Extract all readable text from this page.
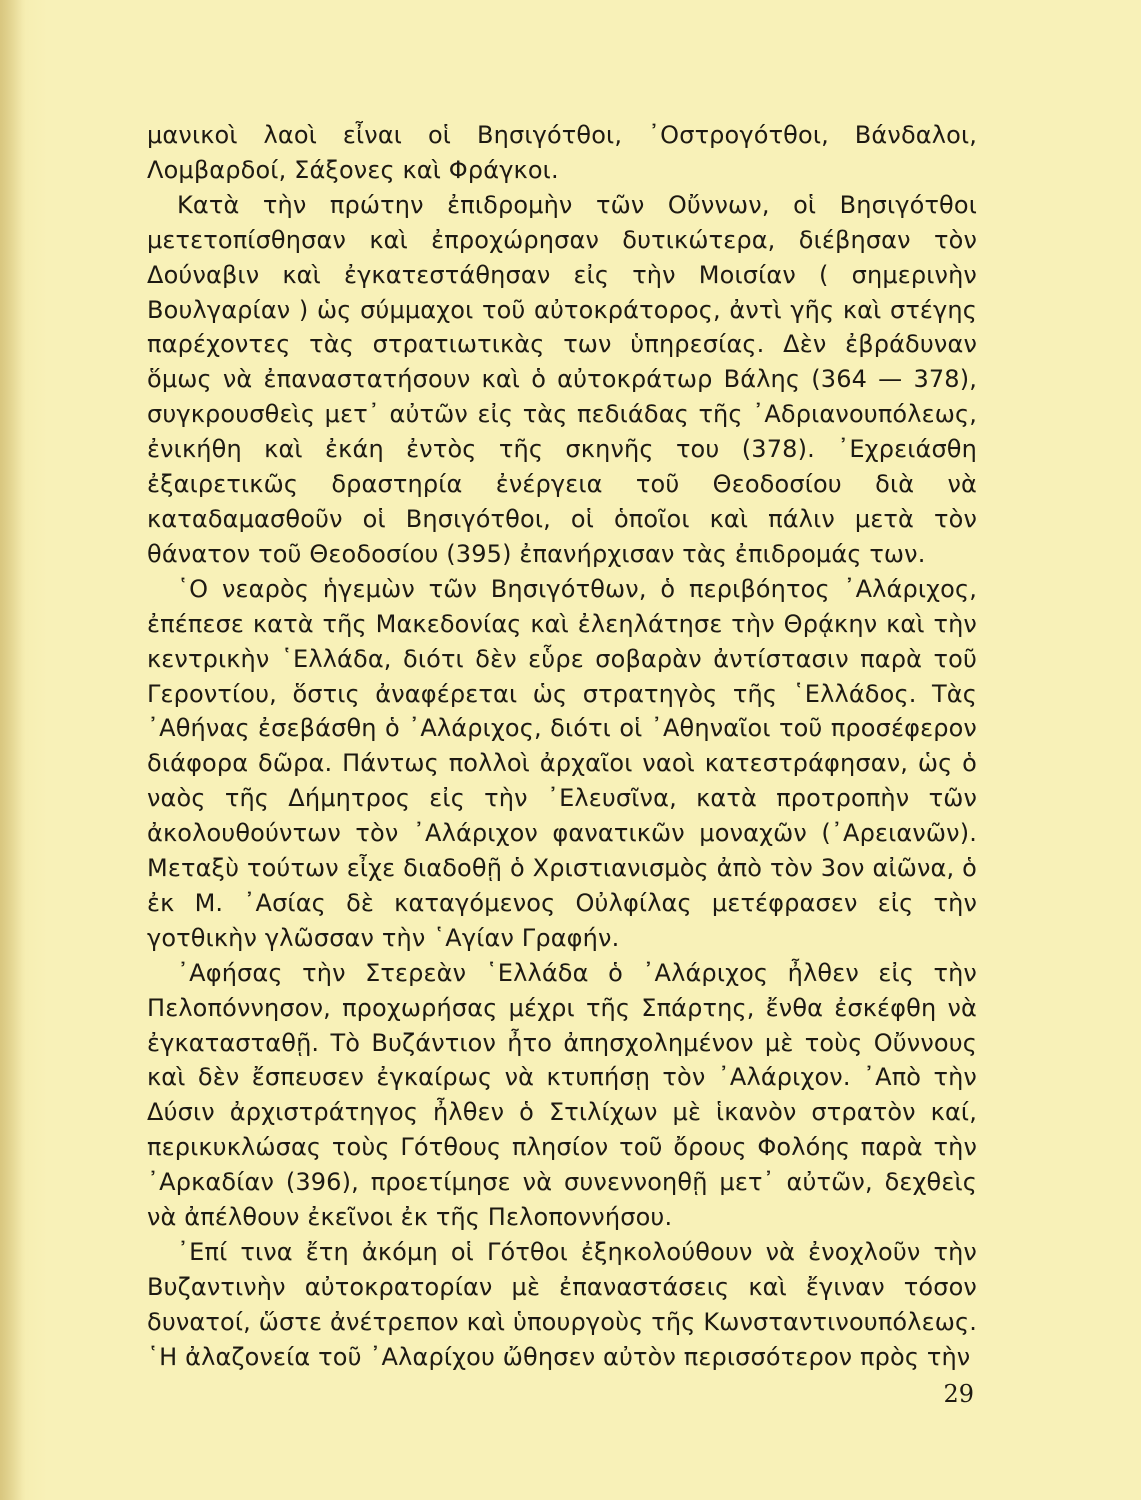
μανικοὶ λαοὶ εἶναι οἱ Βησιγότθοι, ᾿Οστρογότθοι, Βάνδαλοι, Λομβαρδοί, Σάξονες καὶ Φράγκοι.

Κατὰ τὴν πρώτην ἐπιδρομὴν τῶν Οὔννων, οἱ Βησιγότθοι μετετοπίσθησαν καὶ ἐπροχώρησαν δυτικώτερα, διέβησαν τὸν Δούναβιν καὶ ἐγκατεστάθησαν εἰς τὴν Μοισίαν ( σημερινὴν Βουλγαρίαν ) ὡς σύμμαχοι τοῦ αὐτοκράτορος, ἀντὶ γῆς καὶ στέγης παρέχοντες τὰς στρατιωτικὰς των ὑπηρεσίας. Δὲν ἐβράδυναν ὅμως νὰ ἐπαναστατήσουν καὶ ὁ αὐτοκράτωρ Βάλης (364 — 378), συγκρουσθεὶς μετ᾿ αὐτῶν εἰς τὰς πεδιάδας τῆς ᾿Αδριανουπόλεως, ἐνικήθη καὶ ἐκάη ἐντὸς τῆς σκηνῆς του (378). ᾿Εχρειάσθη ἐξαιρετικῶς δραστηρία ἐνέργεια τοῦ Θεοδοσίου διὰ νὰ καταδαμασθοῦν οἱ Βησιγότθοι, οἱ ὁποῖοι καὶ πάλιν μετὰ τὸν θάνατον τοῦ Θεοδοσίου (395) ἐπανήρχισαν τὰς ἐπιδρομάς των.

῾Ο νεαρὸς ἡγεμὼν τῶν Βησιγότθων, ὁ περιβόητος ᾿Αλάριχος, ἐπέπεσε κατὰ τῆς Μακεδονίας καὶ ἐλεηλάτησε τὴν Θρᾴκην καὶ τὴν κεντρικὴν ῾Ελλάδα, διότι δὲν εὗρε σοβαρὰν ἀντίστασιν παρὰ τοῦ Γεροντίου, ὅστις ἀναφέρεται ὡς στρατηγὸς τῆς ῾Ελλάδος. Τὰς ᾿Αθήνας ἐσεβάσθη ὁ ᾿Αλάριχος, διότι οἱ ᾿Αθηναῖοι τοῦ προσέφερον διάφορα δῶρα. Πάντως πολλοὶ ἀρχαῖοι ναοὶ κατεστράφησαν, ὡς ὁ ναὸς τῆς Δήμητρος εἰς τὴν ᾿Ελευσῖνα, κατὰ προτροπὴν τῶν ἀκολουθούντων τὸν ᾿Αλάριχον φανατικῶν μοναχῶν (᾿Αρειανῶν). Μεταξὺ τούτων εἶχε διαδοθῇ ὁ Χριστιανισμὸς ἀπὸ τὸν 3ον αἰῶνα, ὁ ἐκ Μ. ᾿Ασίας δὲ καταγόμενος Οὐλφίλας μετέφρασεν εἰς τὴν γοτθικὴν γλῶσσαν τὴν ῾Αγίαν Γραφήν.

᾿Αφήσας τὴν Στερεὰν ῾Ελλάδα ὁ ᾿Αλάριχος ἦλθεν εἰς τὴν Πελοπόννησον, προχωρήσας μέχρι τῆς Σπάρτης, ἔνθα ἐσκέφθη νὰ ἐγκατασταθῇ. Τὸ Βυζάντιον ἦτο ἀπησχολημένον μὲ τοὺς Οὔννους καὶ δὲν ἔσπευσεν ἐγκαίρως νὰ κτυπήσῃ τὸν ᾿Αλάριχον. ᾿Απὸ τὴν Δύσιν ἀρχιστράτηγος ἦλθεν ὁ Στιλίχων μὲ ἱκανὸν στρατὸν καί, περικυκλώσας τοὺς Γότθους πλησίον τοῦ ὄρους Φολόης παρὰ τὴν ᾿Αρκαδίαν (396), προετίμησε νὰ συνεννοηθῇ μετ᾿ αὐτῶν, δεχθεὶς νὰ ἀπέλθουν ἐκεῖνοι ἐκ τῆς Πελοποννήσου.

᾿Επί τινα ἔτη ἀκόμη οἱ Γότθοι ἐξηκολούθουν νὰ ἐνοχλοῦν τὴν Βυζαντινὴν αὐτοκρατορίαν μὲ ἐπαναστάσεις καὶ ἔγιναν τόσον δυνατοί, ὥστε ἀνέτρεπον καὶ ὑπουργοὺς τῆς Κωνσταντινουπόλεως. ῾Η ἀλαζονεία τοῦ ᾿Αλαρίχου ὤθησεν αὐτὸν περισσότερον πρὸς τὴν

29
